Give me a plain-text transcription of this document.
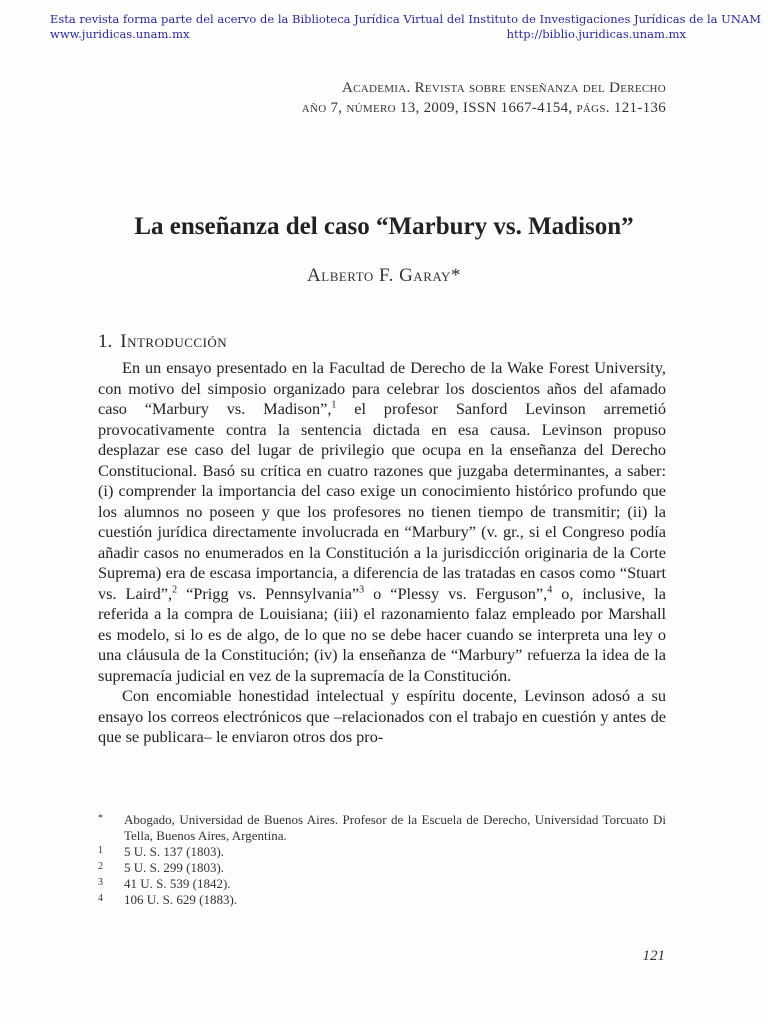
Esta revista forma parte del acervo de la Biblioteca Jurídica Virtual del Instituto de Investigaciones Jurídicas de la UNAM
www.juridicas.unam.mx	http://biblio.juridicas.unam.mx
Academia. Revista sobre enseñanza del Derecho
año 7, número 13, 2009, ISSN 1667-4154, págs. 121-136
La enseñanza del caso “Marbury vs. Madison”
Alberto F. Garay*
1. Introducción

En un ensayo presentado en la Facultad de Derecho de la Wake Forest University, con motivo del simposio organizado para celebrar los doscientos años del afamado caso “Marbury vs. Madison”,$^1$ el profesor Sanford Levinson arremetió provocativamente contra la sentencia dictada en esa causa. Levinson propuso desplazar ese caso del lugar de privilegio que ocupa en la enseñanza del Derecho Constitucional. Basó su crítica en cuatro razones que juzgaba determinantes, a saber: (i) comprender la importancia del caso exige un conocimiento histórico profundo que los alumnos no poseen y que los profesores no tienen tiempo de transmitir; (ii) la cuestión jurídica directamente involucrada en “Marbury” (v. gr., si el Congreso podía añadir casos no enumerados en la Constitución a la jurisdicción originaria de la Corte Suprema) era de escasa importancia, a diferencia de las tratadas en casos como “Stuart vs. Laird”,$^2$ “Prigg vs. Pennsylvania”$^3$ o “Plessy vs. Ferguson”,$^4$ o, inclusive, la referida a la compra de Louisiana; (iii) el razonamiento falaz empleado por Marshall es modelo, si lo es de algo, de lo que no se debe hacer cuando se interpreta una ley o una cláusula de la Constitución; (iv) la enseñanza de “Marbury” refuerza la idea de la supremacía judicial en vez de la supremacía de la Constitución.

Con encomiable honestidad intelectual y espíritu docente, Levinson adosó a su ensayo los correos electrónicos que –relacionados con el trabajo en cuestión y antes de que se publicara– le enviaron otros dos pro-

*	Abogado, Universidad de Buenos Aires. Profesor de la Escuela de Derecho, Universidad Torcuato Di Tella, Buenos Aires, Argentina.
1	5 U. S. 137 (1803).
2	5 U. S. 299 (1803).
3	41 U. S. 539 (1842).
4	106 U. S. 629 (1883).
121
